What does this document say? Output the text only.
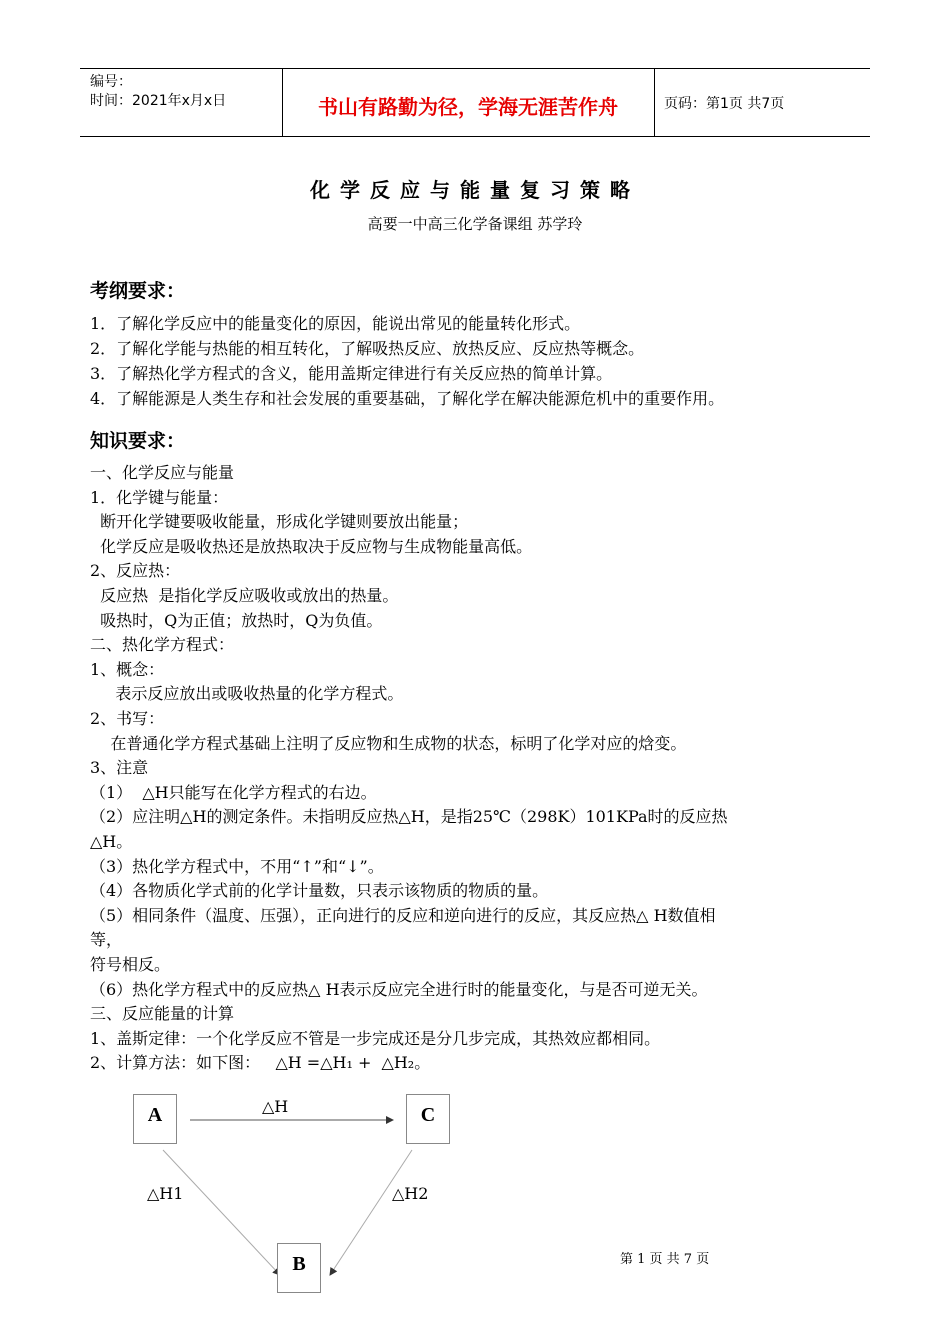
编号：
时间：2021年x月x日	书山有路勤为径，学海无涯苦作舟	页码：第1页 共7页
化学反应与能量复习策略
高要一中高三化学备课组 苏学玲
考纲要求：
1．了解化学反应中的能量变化的原因，能说出常见的能量转化形式。
2．了解化学能与热能的相互转化，了解吸热反应、放热反应、反应热等概念。
3．了解热化学方程式的含义，能用盖斯定律进行有关反应热的简单计算。
4．了解能源是人类生存和社会发展的重要基础，了解化学在解决能源危机中的重要作用。
知识要求：
一、化学反应与能量
1．化学键与能量：
断开化学键要吸收能量，形成化学键则要放出能量；
化学反应是吸收热还是放热取决于反应物与生成物能量高低。
2、反应热：
反应热  是指化学反应吸收或放出的热量。
吸热时，Q为正值；放热时，Q为负值。
二、热化学方程式：
1、概念：
表示反应放出或吸收热量的化学方程式。
2、书写：
在普通化学方程式基础上注明了反应物和生成物的状态，标明了化学对应的焓变。
3、注意
（1）  △H只能写在化学方程式的右边。
（2）应注明△H的测定条件。未指明反应热△H，是指25℃（298K）101KPa时的反应热
△H。
（3）热化学方程式中，不用“↑”和“↓”。
（4）各物质化学式前的化学计量数，只表示该物质的物质的量。
（5）相同条件（温度、压强），正向进行的反应和逆向进行的反应，其反应热△ H数值相
等，
符号相反。
（6）热化学方程式中的反应热△ H表示反应完全进行时的能量变化，与是否可逆无关。
三、反应能量的计算
1、盖斯定律：一个化学反应不管是一步完成还是分几步完成，其热效应都相同。
2、计算方法：如下图：   △H =△H₁ +  △H₂。
A	C
B
△H
△H1	△H2
第 1 页 共 7 页
